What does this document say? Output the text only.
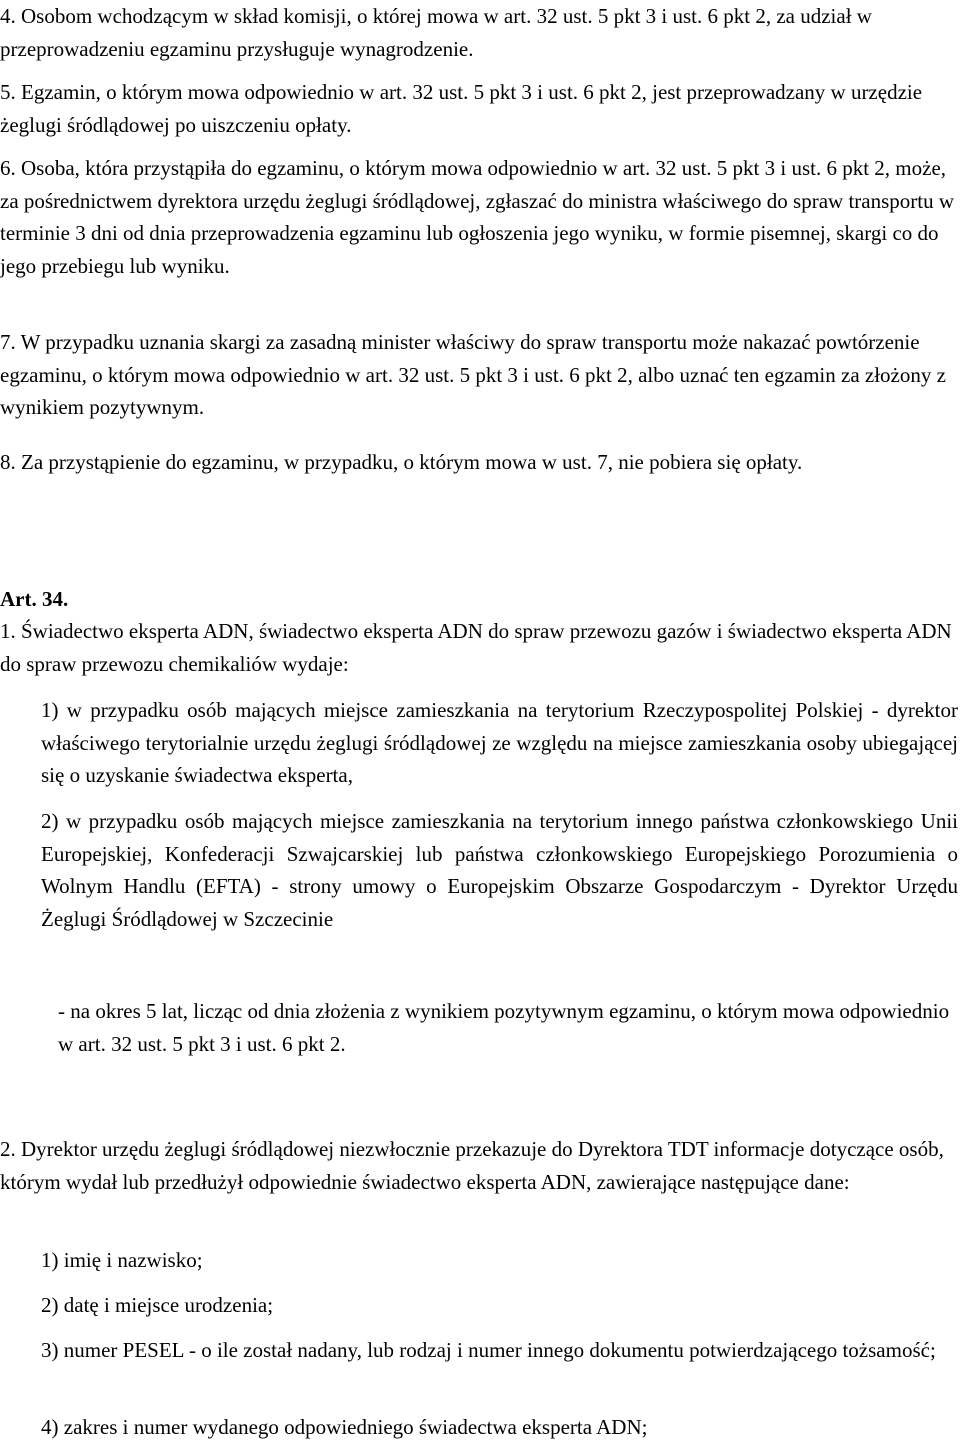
4. Osobom wchodzącym w skład komisji, o której mowa w art. 32 ust. 5 pkt 3 i ust. 6 pkt 2, za udział w przeprowadzeniu egzaminu przysługuje wynagrodzenie.

5. Egzamin, o którym mowa odpowiednio w art. 32 ust. 5 pkt 3 i ust. 6 pkt 2, jest przeprowadzany w urzędzie żeglugi śródlądowej po uiszczeniu opłaty.

6. Osoba, która przystąpiła do egzaminu, o którym mowa odpowiednio w art. 32 ust. 5 pkt 3 i ust. 6 pkt 2, może, za pośrednictwem dyrektora urzędu żeglugi śródlądowej, zgłaszać do ministra właściwego do spraw transportu w terminie 3 dni od dnia przeprowadzenia egzaminu lub ogłoszenia jego wyniku, w formie pisemnej, skargi co do jego przebiegu lub wyniku.

7. W przypadku uznania skargi za zasadną minister właściwy do spraw transportu może nakazać powtórzenie egzaminu, o którym mowa odpowiednio w art. 32 ust. 5 pkt 3 i ust. 6 pkt 2, albo uznać ten egzamin za złożony z wynikiem pozytywnym.

8. Za przystąpienie do egzaminu, w przypadku, o którym mowa w ust. 7, nie pobiera się opłaty.

Art. 34.

1. Świadectwo eksperta ADN, świadectwo eksperta ADN do spraw przewozu gazów i świadectwo eksperta ADN do spraw przewozu chemikaliów wydaje:

1) w przypadku osób mających miejsce zamieszkania na terytorium Rzeczypospolitej Polskiej - dyrektor właściwego terytorialnie urzędu żeglugi śródlądowej ze względu na miejsce zamieszkania osoby ubiegającej się o uzyskanie świadectwa eksperta,

2) w przypadku osób mających miejsce zamieszkania na terytorium innego państwa członkowskiego Unii Europejskiej, Konfederacji Szwajcarskiej lub państwa członkowskiego Europejskiego Porozumienia o Wolnym Handlu (EFTA) - strony umowy o Europejskim Obszarze Gospodarczym - Dyrektor Urzędu Żeglugi Śródlądowej w Szczecinie

- na okres 5 lat, licząc od dnia złożenia z wynikiem pozytywnym egzaminu, o którym mowa odpowiednio w art. 32 ust. 5 pkt 3 i ust. 6 pkt 2.

2. Dyrektor urzędu żeglugi śródlądowej niezwłocznie przekazuje do Dyrektora TDT informacje dotyczące osób, którym wydał lub przedłużył odpowiednie świadectwo eksperta ADN, zawierające następujące dane:

1) imię i nazwisko;

2) datę i miejsce urodzenia;

3) numer PESEL - o ile został nadany, lub rodzaj i numer innego dokumentu potwierdzającego tożsamość;

4) zakres i numer wydanego odpowiedniego świadectwa eksperta ADN;
